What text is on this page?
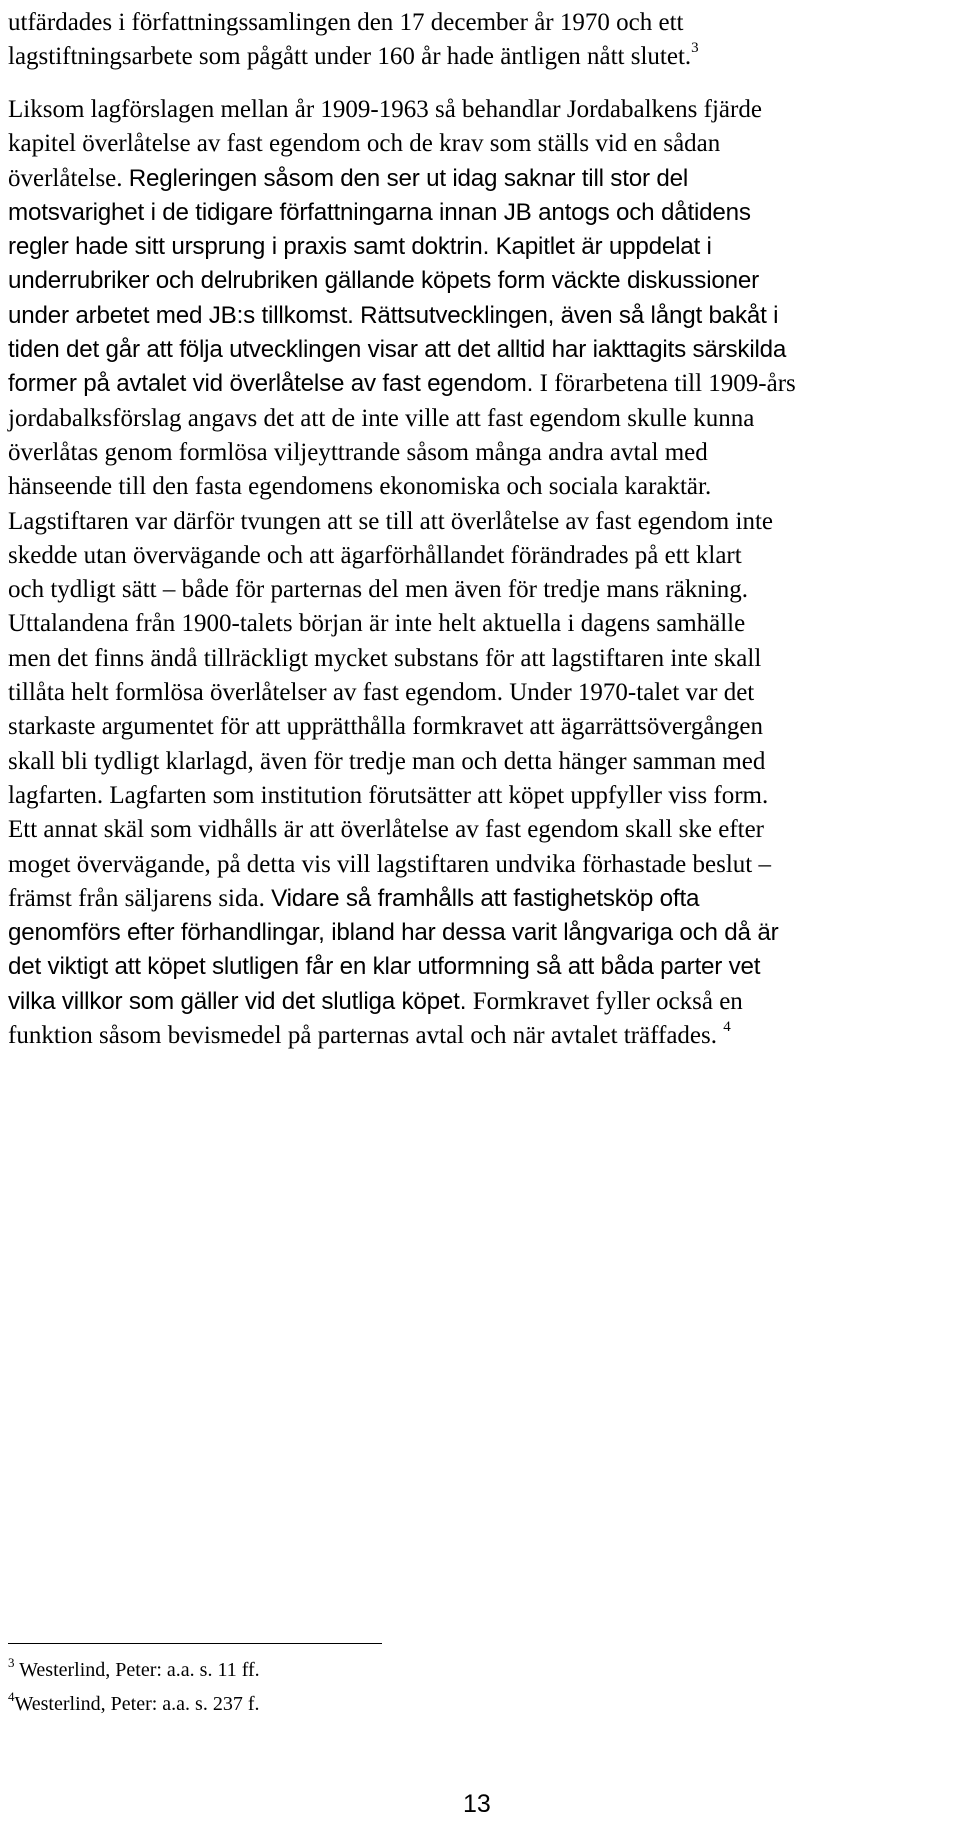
utfärdades i författningssamlingen den 17 december år 1970 och ett
lagstiftningsarbete som pågått under 160 år hade äntligen nått slutet.$^3$
Liksom lagförslagen mellan år 1909-1963 så behandlar Jordabalkens fjärde
kapitel överlåtelse av fast egendom och de krav som ställs vid en sådan
överlåtelse. Regleringen såsom den ser ut idag saknar till stor del
motsvarighet i de tidigare författningarna innan JB antogs och dåtidens
regler hade sitt ursprung i praxis samt doktrin. Kapitlet är uppdelat i
underrubriker och delrubriken gällande köpets form väckte diskussioner
under arbetet med JB:s tillkomst. Rättsutvecklingen, även så långt bakåt i
tiden det går att följa utvecklingen visar att det alltid har iakttagits särskilda
former på avtalet vid överlåtelse av fast egendom. I förarbetena till 1909-års
jordabalksförslag angavs det att de inte ville att fast egendom skulle kunna
överlåtas genom formlösa viljeyttrande såsom många andra avtal med
hänseende till den fasta egendomens ekonomiska och sociala karaktär.
Lagstiftaren var därför tvungen att se till att överlåtelse av fast egendom inte
skedde utan övervägande och att ägarförhållandet förändrades på ett klart
och tydligt sätt – både för parternas del men även för tredje mans räkning.
Uttalandena från 1900-talets början är inte helt aktuella i dagens samhälle
men det finns ändå tillräckligt mycket substans för att lagstiftaren inte skall
tillåta helt formlösa överlåtelser av fast egendom. Under 1970-talet var det
starkaste argumentet för att upprätthålla formkravet att ägarrättsövergången
skall bli tydligt klarlagd, även för tredje man och detta hänger samman med
lagfarten. Lagfarten som institution förutsätter att köpet uppfyller viss form.
Ett annat skäl som vidhålls är att överlåtelse av fast egendom skall ske efter
moget övervägande, på detta vis vill lagstiftaren undvika förhastade beslut –
främst från säljarens sida. Vidare så framhålls att fastighetsköp ofta
genomförs efter förhandlingar, ibland har dessa varit långvariga och då är
det viktigt att köpet slutligen får en klar utformning så att båda parter vet
vilka villkor som gäller vid det slutliga köpet. Formkravet fyller också en
funktion såsom bevismedel på parternas avtal och när avtalet träffades. $^4$
$^3$ Westerlind, Peter: a.a. s. 11 ff.
$^4$Westerlind, Peter: a.a. s. 237 f.
13
